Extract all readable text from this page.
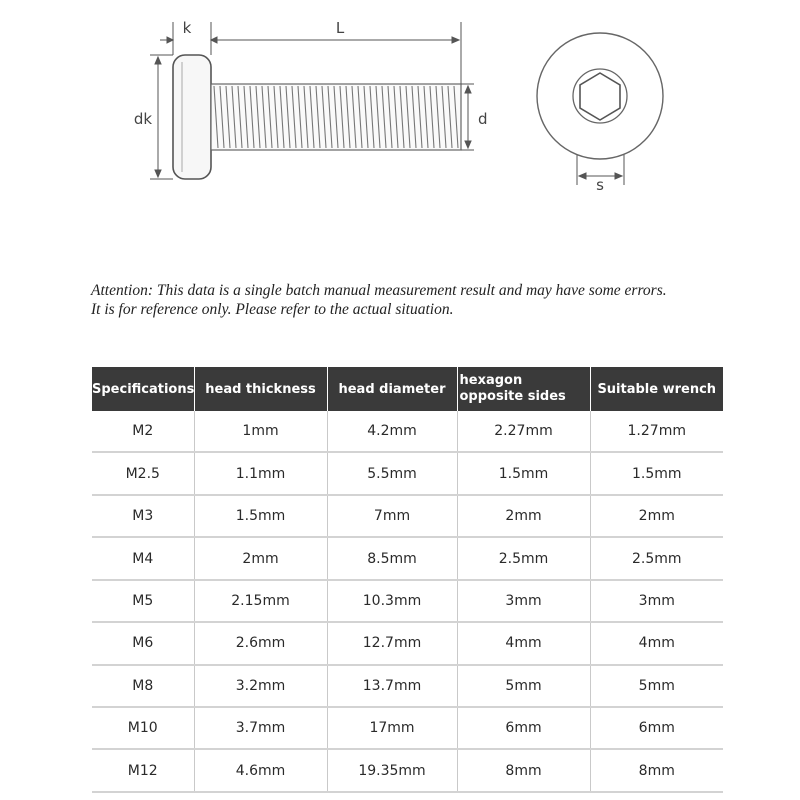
k	L
dk	d
s
Attention: This data is a single batch manual measurement result and may have some errors.
It is for reference only. Please refer to the actual situation.
Specifications	head thickness	head diameter	hexagon opposite sides	Suitable wrench
M2	1mm	4.2mm	2.27mm	1.27mm
M2.5	1.1mm	5.5mm	1.5mm	1.5mm
M3	1.5mm	7mm	2mm	2mm
M4	2mm	8.5mm	2.5mm	2.5mm
M5	2.15mm	10.3mm	3mm	3mm
M6	2.6mm	12.7mm	4mm	4mm
M8	3.2mm	13.7mm	5mm	5mm
M10	3.7mm	17mm	6mm	6mm
M12	4.6mm	19.35mm	8mm	8mm
